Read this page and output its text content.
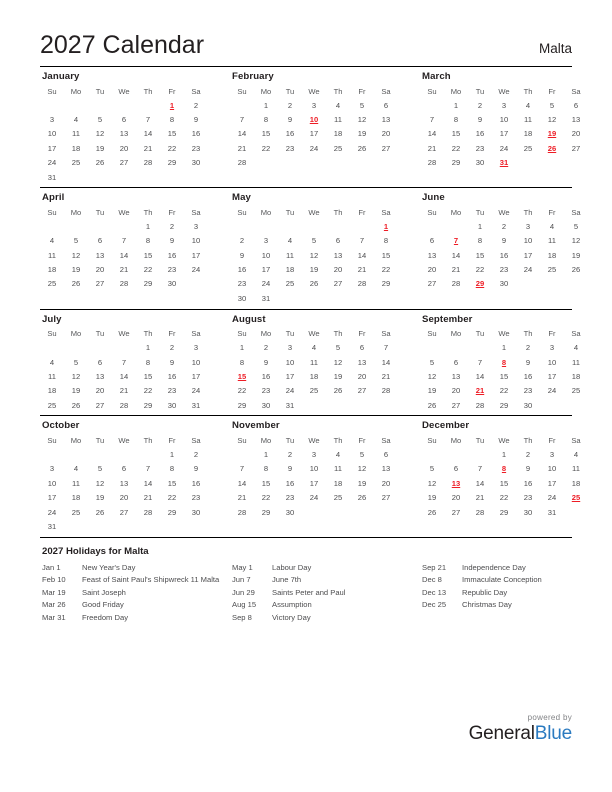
2027 Calendar	Malta
January
Su	Mo	Tu	We	Th	Fr	Sa
					1	2
3	4	5	6	7	8	9
10	11	12	13	14	15	16
17	18	19	20	21	22	23
24	25	26	27	28	29	30
31						
February
Su	Mo	Tu	We	Th	Fr	Sa
	1	2	3	4	5	6
7	8	9	10	11	12	13
14	15	16	17	18	19	20
21	22	23	24	25	26	27
28						
March
Su	Mo	Tu	We	Th	Fr	Sa
	1	2	3	4	5	6
7	8	9	10	11	12	13
14	15	16	17	18	19	20
21	22	23	24	25	26	27
28	29	30	31			
April
Su	Mo	Tu	We	Th	Fr	Sa
				1	2	3
4	5	6	7	8	9	10
11	12	13	14	15	16	17
18	19	20	21	22	23	24
25	26	27	28	29	30	
May
Su	Mo	Tu	We	Th	Fr	Sa
						1
2	3	4	5	6	7	8
9	10	11	12	13	14	15
16	17	18	19	20	21	22
23	24	25	26	27	28	29
30	31					
June
Su	Mo	Tu	We	Th	Fr	Sa
		1	2	3	4	5
6	7	8	9	10	11	12
13	14	15	16	17	18	19
20	21	22	23	24	25	26
27	28	29	30			
July
Su	Mo	Tu	We	Th	Fr	Sa
				1	2	3
4	5	6	7	8	9	10
11	12	13	14	15	16	17
18	19	20	21	22	23	24
25	26	27	28	29	30	31
August
Su	Mo	Tu	We	Th	Fr	Sa
1	2	3	4	5	6	7
8	9	10	11	12	13	14
15	16	17	18	19	20	21
22	23	24	25	26	27	28
29	30	31				
September
Su	Mo	Tu	We	Th	Fr	Sa
			1	2	3	4
5	6	7	8	9	10	11
12	13	14	15	16	17	18
19	20	21	22	23	24	25
26	27	28	29	30		
October
Su	Mo	Tu	We	Th	Fr	Sa
					1	2
3	4	5	6	7	8	9
10	11	12	13	14	15	16
17	18	19	20	21	22	23
24	25	26	27	28	29	30
31						
November
Su	Mo	Tu	We	Th	Fr	Sa
	1	2	3	4	5	6
7	8	9	10	11	12	13
14	15	16	17	18	19	20
21	22	23	24	25	26	27
28	29	30				
December
Su	Mo	Tu	We	Th	Fr	Sa
			1	2	3	4
5	6	7	8	9	10	11
12	13	14	15	16	17	18
19	20	21	22	23	24	25
26	27	28	29	30	31	
2027 Holidays for Malta
Jan 1	New Year's Day
Feb 10	Feast of Saint Paul's Shipwreck 11 Malta
Mar 19	Saint Joseph
Mar 26	Good Friday
Mar 31	Freedom Day
May 1	Labour Day
Jun 7	June 7th
Jun 29	Saints Peter and Paul
Aug 15	Assumption
Sep 8	Victory Day
Sep 21	Independence Day
Dec 8	Immaculate Conception
Dec 13	Republic Day
Dec 25	Christmas Day
powered by
GeneralBlue
